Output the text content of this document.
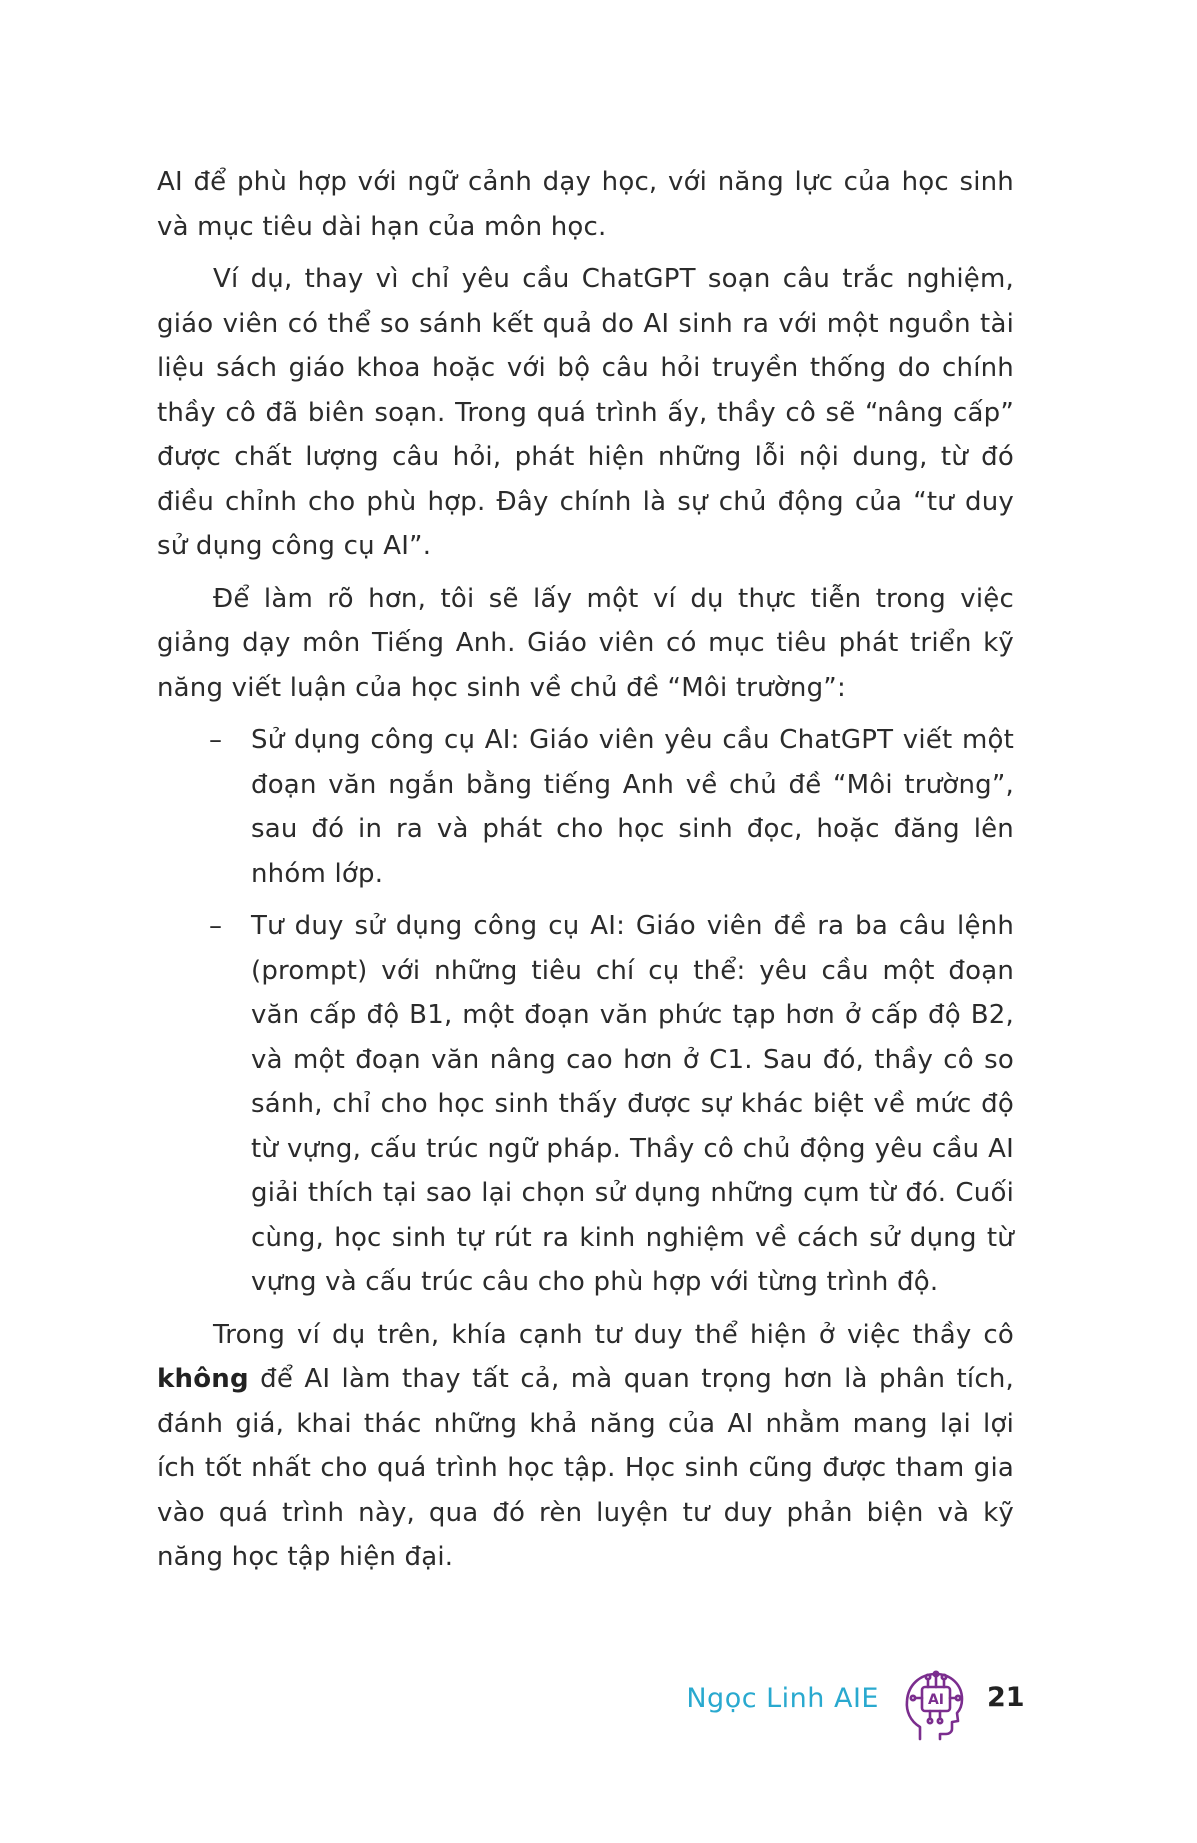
AI để phù hợp với ngữ cảnh dạy học, với năng lực của học sinh và mục tiêu dài hạn của môn học.

Ví dụ, thay vì chỉ yêu cầu ChatGPT soạn câu trắc nghiệm, giáo viên có thể so sánh kết quả do AI sinh ra với một nguồn tài liệu sách giáo khoa hoặc với bộ câu hỏi truyền thống do chính thầy cô đã biên soạn. Trong quá trình ấy, thầy cô sẽ “nâng cấp” được chất lượng câu hỏi, phát hiện những lỗi nội dung, từ đó điều chỉnh cho phù hợp. Đây chính là sự chủ động của “tư duy sử dụng công cụ AI”.

Để làm rõ hơn, tôi sẽ lấy một ví dụ thực tiễn trong việc giảng dạy môn Tiếng Anh. Giáo viên có mục tiêu phát triển kỹ năng viết luận của học sinh về chủ đề “Môi trường”:

– Sử dụng công cụ AI: Giáo viên yêu cầu ChatGPT viết một đoạn văn ngắn bằng tiếng Anh về chủ đề “Môi trường”, sau đó in ra và phát cho học sinh đọc, hoặc đăng lên nhóm lớp.
– Tư duy sử dụng công cụ AI: Giáo viên đề ra ba câu lệnh (prompt) với những tiêu chí cụ thể: yêu cầu một đoạn văn cấp độ B1, một đoạn văn phức tạp hơn ở cấp độ B2, và một đoạn văn nâng cao hơn ở C1. Sau đó, thầy cô so sánh, chỉ cho học sinh thấy được sự khác biệt về mức độ từ vựng, cấu trúc ngữ pháp. Thầy cô chủ động yêu cầu AI giải thích tại sao lại chọn sử dụng những cụm từ đó. Cuối cùng, học sinh tự rút ra kinh nghiệm về cách sử dụng từ vựng và cấu trúc câu cho phù hợp với từng trình độ.

Trong ví dụ trên, khía cạnh tư duy thể hiện ở việc thầy cô không để AI làm thay tất cả, mà quan trọng hơn là phân tích, đánh giá, khai thác những khả năng của AI nhằm mang lại lợi ích tốt nhất cho quá trình học tập. Học sinh cũng được tham gia vào quá trình này, qua đó rèn luyện tư duy phản biện và kỹ năng học tập hiện đại.

Ngọc Linh AIE	AI 21
